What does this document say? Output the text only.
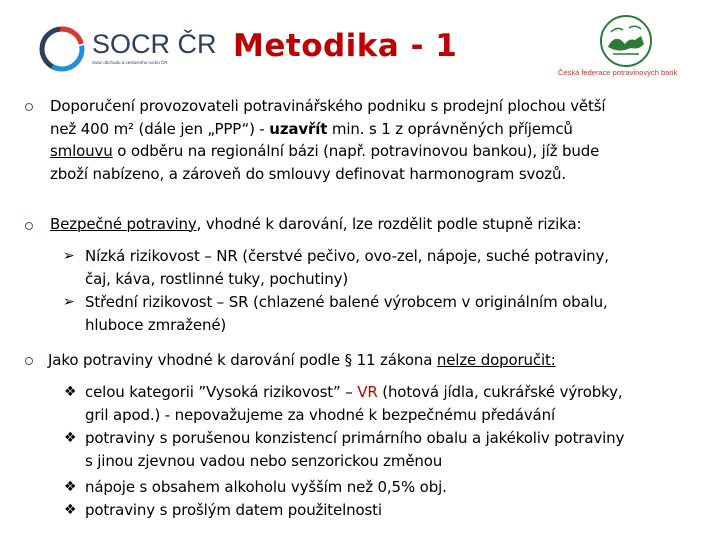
SOCR ČR
Svaz obchodu a cestovního ruchu ČR Metodika - 1
Česká federace potravinových bank
Doporučení provozovateli potravinářského podniku s prodejní plochou větší
než 400 m² (dále jen „PPP“) - uzavřít min. s 1 z oprávněných příjemců
smlouvu o odběru na regionální bázi (např. potravinovou bankou), jíž bude
zboží nabízeno, a zároveň do smlouvy definovat harmonogram svozů.
Bezpečné potraviny, vhodné k darování, lze rozdělit podle stupně rizika:
➢ Nízká rizikovost – NR (čerstvé pečivo, ovo-zel, nápoje, suché potraviny,
čaj, káva, rostlinné tuky, pochutiny)
➢ Střední rizikovost – SR (chlazené balené výrobcem v originálním obalu,
hluboce zmražené)
Jako potraviny vhodné k darování podle § 11 zákona nelze doporučit:
❖ celou kategorii ”Vysoká rizikovost” – VR (hotová jídla, cukrářské výrobky,
gril apod.) - nepovažujeme za vhodné k bezpečnému předávání
❖ potraviny s porušenou konzistencí primárního obalu a jakékoliv potraviny
s jinou zjevnou vadou nebo senzorickou změnou
❖ nápoje s obsahem alkoholu vyšším než 0,5% obj.
❖ potraviny s prošlým datem použitelnosti
